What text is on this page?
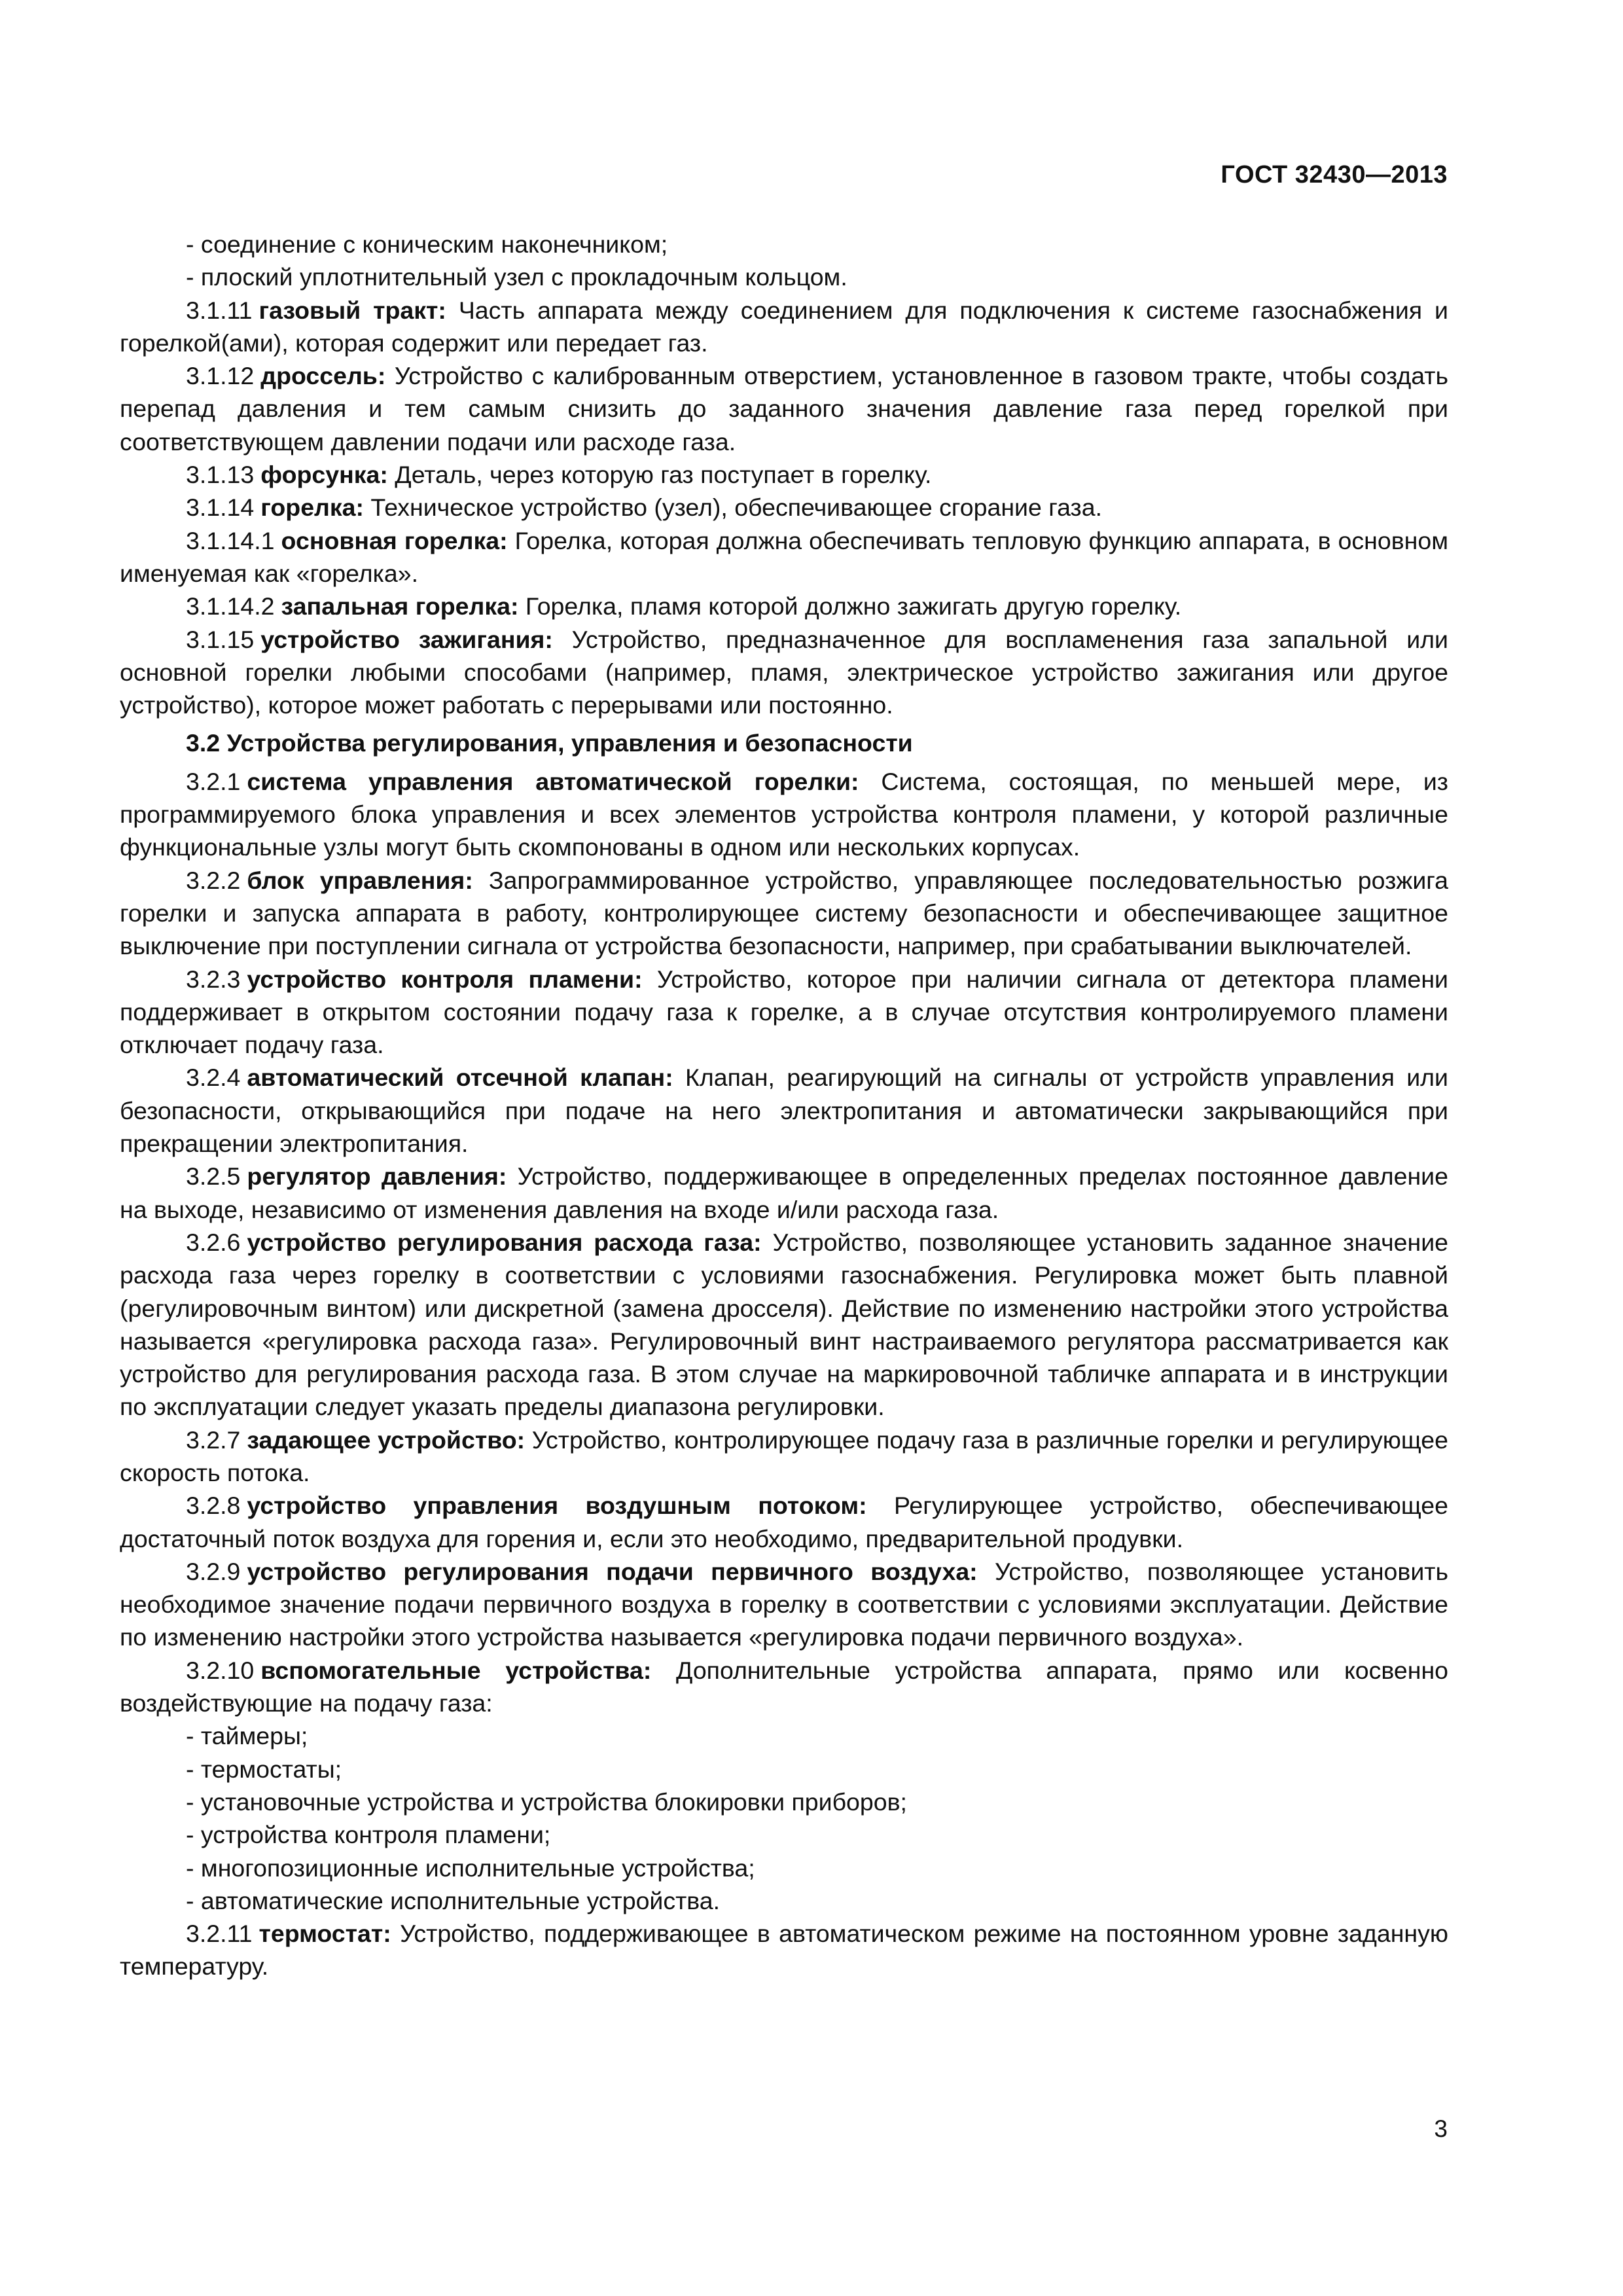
ГОСТ 32430—2013

- соединение с коническим наконечником;

- плоский уплотнительный узел с прокладочным кольцом.

3.1.11 газовый тракт: Часть аппарата между соединением для подключения к системе газоснабжения и горелкой(ами), которая содержит или передает газ.

3.1.12 дроссель: Устройство с калиброванным отверстием, установленное в газовом тракте, чтобы создать перепад давления и тем самым снизить до заданного значения давление газа перед горелкой при соответствующем давлении подачи или расходе газа.

3.1.13 форсунка: Деталь, через которую газ поступает в горелку.

3.1.14 горелка: Техническое устройство (узел), обеспечивающее сгорание газа.

3.1.14.1 основная горелка: Горелка, которая должна обеспечивать тепловую функцию аппарата, в основном именуемая как «горелка».

3.1.14.2 запальная горелка: Горелка, пламя которой должно зажигать другую горелку.

3.1.15 устройство зажигания: Устройство, предназначенное для воспламенения газа запальной или основной горелки любыми способами (например, пламя, электрическое устройство зажигания или другое устройство), которое может работать с перерывами или постоянно.

3.2 Устройства регулирования, управления и безопасности

3.2.1 система управления автоматической горелки: Система, состоящая, по меньшей мере, из программируемого блока управления и всех элементов устройства контроля пламени, у которой различные функциональные узлы могут быть скомпонованы в одном или нескольких корпусах.

3.2.2 блок управления: Запрограммированное устройство, управляющее последовательностью розжига горелки и запуска аппарата в работу, контролирующее систему безопасности и обеспечивающее защитное выключение при поступлении сигнала от устройства безопасности, например, при срабатывании выключателей.

3.2.3 устройство контроля пламени: Устройство, которое при наличии сигнала от детектора пламени поддерживает в открытом состоянии подачу газа к горелке, а в случае отсутствия контролируемого пламени отключает подачу газа.

3.2.4 автоматический отсечной клапан: Клапан, реагирующий на сигналы от устройств управления или безопасности, открывающийся при подаче на него электропитания и автоматически закрывающийся при прекращении электропитания.

3.2.5 регулятор давления: Устройство, поддерживающее в определенных пределах постоянное давление на выходе, независимо от изменения давления на входе и/или расхода газа.

3.2.6 устройство регулирования расхода газа: Устройство, позволяющее установить заданное значение расхода газа через горелку в соответствии с условиями газоснабжения. Регулировка может быть плавной (регулировочным винтом) или дискретной (замена дросселя). Действие по изменению настройки этого устройства называется «регулировка расхода газа». Регулировочный винт настраиваемого регулятора рассматривается как устройство для регулирования расхода газа. В этом случае на маркировочной табличке аппарата и в инструкции по эксплуатации следует указать пределы диапазона регулировки.

3.2.7 задающее устройство: Устройство, контролирующее подачу газа в различные горелки и регулирующее скорость потока.

3.2.8 устройство управления воздушным потоком: Регулирующее устройство, обеспечивающее достаточный поток воздуха для горения и, если это необходимо, предварительной продувки.

3.2.9 устройство регулирования подачи первичного воздуха: Устройство, позволяющее установить необходимое значение подачи первичного воздуха в горелку в соответствии с условиями эксплуатации. Действие по изменению настройки этого устройства называется «регулировка подачи первичного воздуха».

3.2.10 вспомогательные устройства: Дополнительные устройства аппарата, прямо или косвенно воздействующие на подачу газа:

- таймеры;

- термостаты;

- установочные устройства и устройства блокировки приборов;

- устройства контроля пламени;

- многопозиционные исполнительные устройства;

- автоматические исполнительные устройства.

3.2.11 термостат: Устройство, поддерживающее в автоматическом режиме на постоянном уровне заданную температуру.

3
